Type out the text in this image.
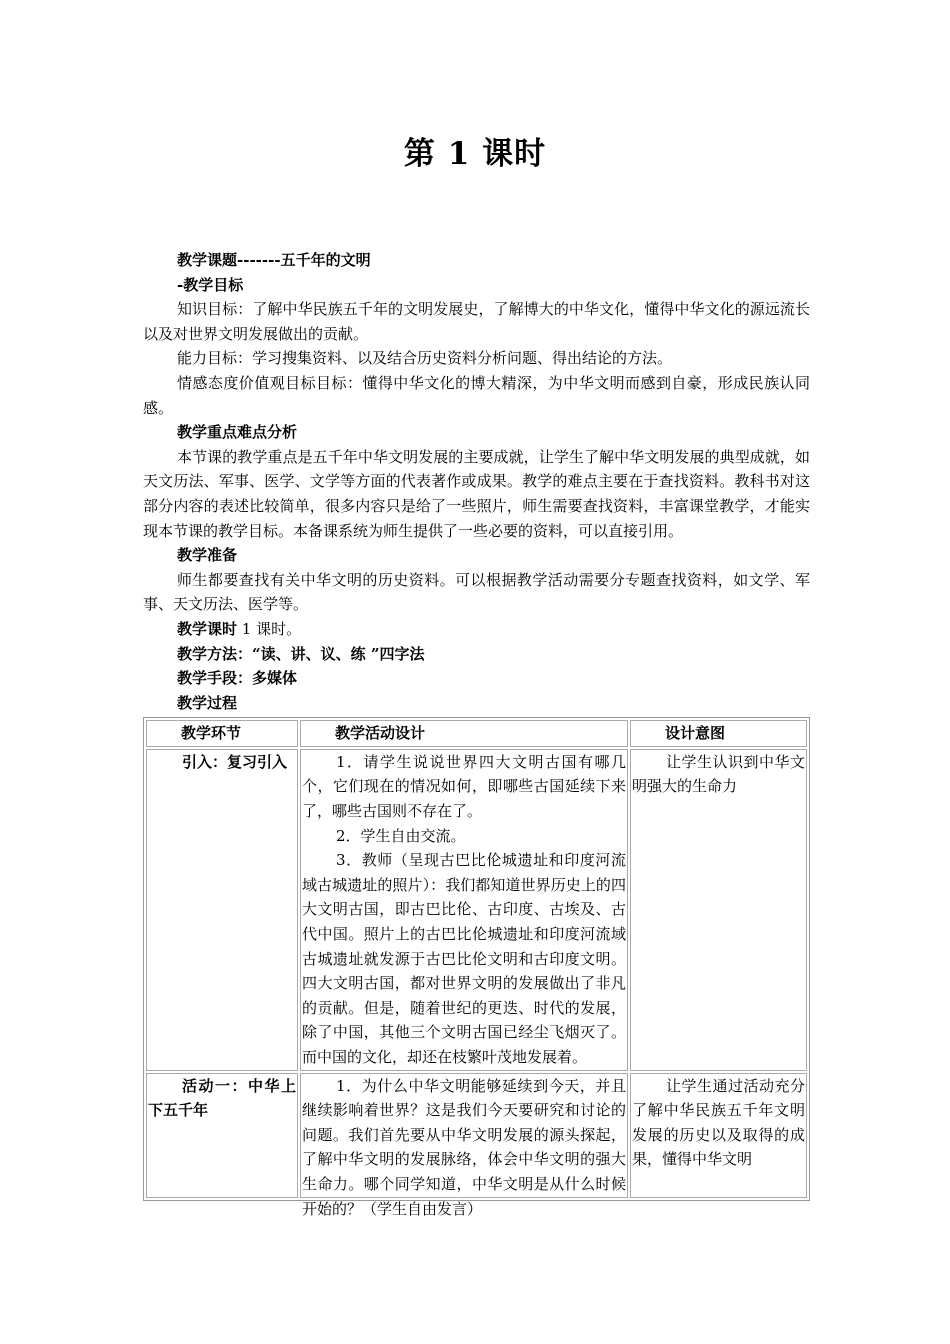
第 1 课时

教学课题-------五千年的文明

-教学目标

知识目标：了解中华民族五千年的文明发展史，了解博大的中华文化，懂得中华文化的源远流长以及对世界文明发展做出的贡献。

能力目标：学习搜集资料、以及结合历史资料分析问题、得出结论的方法。

情感态度价值观目标目标：懂得中华文化的博大精深，为中华文明而感到自豪，形成民族认同感。

教学重点难点分析

本节课的教学重点是五千年中华文明发展的主要成就，让学生了解中华文明发展的典型成就，如天文历法、军事、医学、文学等方面的代表著作或成果。教学的难点主要在于查找资料。教科书对这部分内容的表述比较简单，很多内容只是给了一些照片，师生需要查找资料，丰富课堂教学，才能实现本节课的教学目标。本备课系统为师生提供了一些必要的资料，可以直接引用。

教学准备

师生都要查找有关中华文明的历史资料。可以根据教学活动需要分专题查找资料，如文学、军事、天文历法、医学等。

教学课时 1 课时。

教学方法：“读、讲、议、练 ”四字法

教学手段：多媒体

教学过程

教学环节	教学活动设计	设计意图

引入：复习引入	1．请学生说说世界四大文明古国有哪几个，它们现在的情况如何，即哪些古国延续下来了，哪些古国则不存在了。

2．学生自由交流。

3．教师（呈现古巴比伦城遗址和印度河流域古城遗址的照片）：我们都知道世界历史上的四大文明古国，即古巴比伦、古印度、古埃及、古代中国。照片上的古巴比伦城遗址和印度河流域古城遗址就发源于古巴比伦文明和古印度文明。 四大文明古国，都对世界文明的发展做出了非凡的贡献。但是，随着世纪的更迭、时代的发展，除了中国，其他三个文明古国已经尘飞烟灭了。而中国的文化，却还在枝繁叶茂地发展着。	让学生认识到中华文明强大的生命力

活动一：中华上下五千年	1．为什么中华文明能够延续到今天，并且继续影响着世界？这是我们今天要研究和讨论的问题。我们首先要从中华文明发展的源头探起，了解中华文明的发展脉络，体会中华文明的强大生命力。哪个同学知道，中华文明是从什么时候开始的？（学生自由发言）	让学生通过活动充分了解中华民族五千年文明发展的历史以及取得的成果，懂得中华文明
